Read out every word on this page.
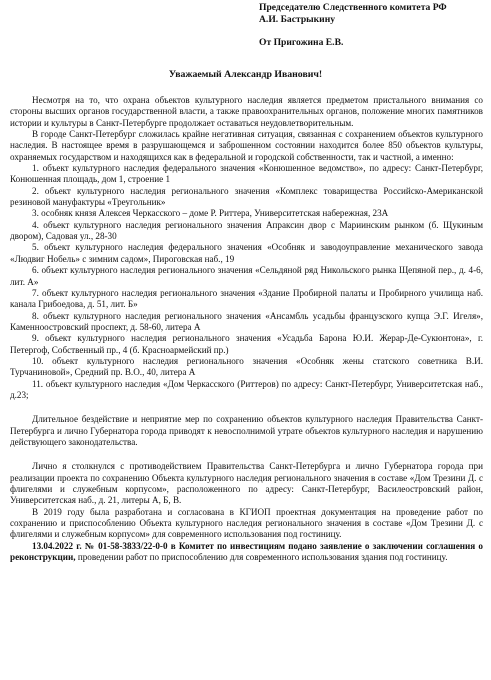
Председателю Следственного комитета РФ
А.И. Бастрыкину
От Пригожина Е.В.
Уважаемый Александр Иванович!

Несмотря на то, что охрана объектов культурного наследия является предметом пристального внимания со стороны высших органов государственной власти, а также правоохранительных органов, положение многих памятников истории и культуры в Санкт-Петербурге продолжает оставаться неудовлетворительным.

В городе Санкт-Петербург сложилась крайне негативная ситуация, связанная с сохранением объектов культурного наследия. В настоящее время в разрушающемся и заброшенном состоянии находится более 850 объектов культуры, охраняемых государством и находящихся как в федеральной и городской собственности, так и частной, а именно:

1. объект культурного наследия федерального значения «Конюшенное ведомство», по адресу: Санкт-Петербург, Конюшенная площадь, дом 1, строение 1

2. объект культурного наследия регионального значения «Комплекс товарищества Российско-Американской резиновой мануфактуры «Треугольник»

3. особняк князя Алексея Черкасского – доме Р. Риттера, Университетская набережная, 23А

4. объект культурного наследия регионального значения Апраксин двор с Мариинским рынком (б. Щукиным двором), Садовая ул., 28-30

5. объект культурного наследия федерального значения «Особняк и заводоуправление механического завода «Людвиг Нобель» с зимним садом», Пироговская наб., 19

6. объект культурного наследия регионального значения «Сельдяной ряд Никольского рынка Щепяной пер., д. 4-6, лит. А»

7. объект культурного наследия регионального значения «Здание Пробирной палаты и Пробирного училища наб. канала Грибоедова, д. 51, лит. Б»

8. объект культурного наследия регионального значения «Ансамбль усадьбы французского купца Э.Г. Игеля», Каменноостровский проспект, д. 58-60, литера А

9. объект культурного наследия регионального значения «Усадьба Барона Ю.И. Жерар-Де-Сукюнтона», г. Петергоф, Собственный пр., 4 (б. Красноармейский пр.)

10. объект культурного наследия регионального значения «Особняк жены статского советника В.И. Турчаниновой», Средний пр. В.О., 40, литера А

11. объект культурного наследия «Дом Черкасского (Риттеров) по адресу: Санкт-Петербург, Университетская наб., д.23;

Длительное бездействие и неприятие мер по сохранению объектов культурного наследия Правительства Санкт-Петербурга и лично Губернатора города приводят к невосполнимой утрате объектов культурного наследия и нарушению действующего законодательства.

Лично я столкнулся с противодействием Правительства Санкт-Петербурга и лично Губернатора города при реализации проекта по сохранению Объекта культурного наследия регионального значения в составе «Дом Трезини Д. с флигелями и служебным корпусом», расположенного по адресу: Санкт-Петербург, Василеостровский район, Университетская наб., д. 21, литеры А, Б, В.

В 2019 году была разработана и согласована в КГИОП проектная документация на проведение работ по сохранению и приспособлению Объекта культурного наследия регионального значения в составе «Дом Трезини Д. с флигелями и служебным корпусом» для современного использования под гостиницу.

13.04.2022 г. № 01-58-3833/22-0-0 в Комитет по инвестициям подано заявление о заключении соглашения о реконструкции, проведении работ по приспособлению для современного использования здания под гостиницу.
